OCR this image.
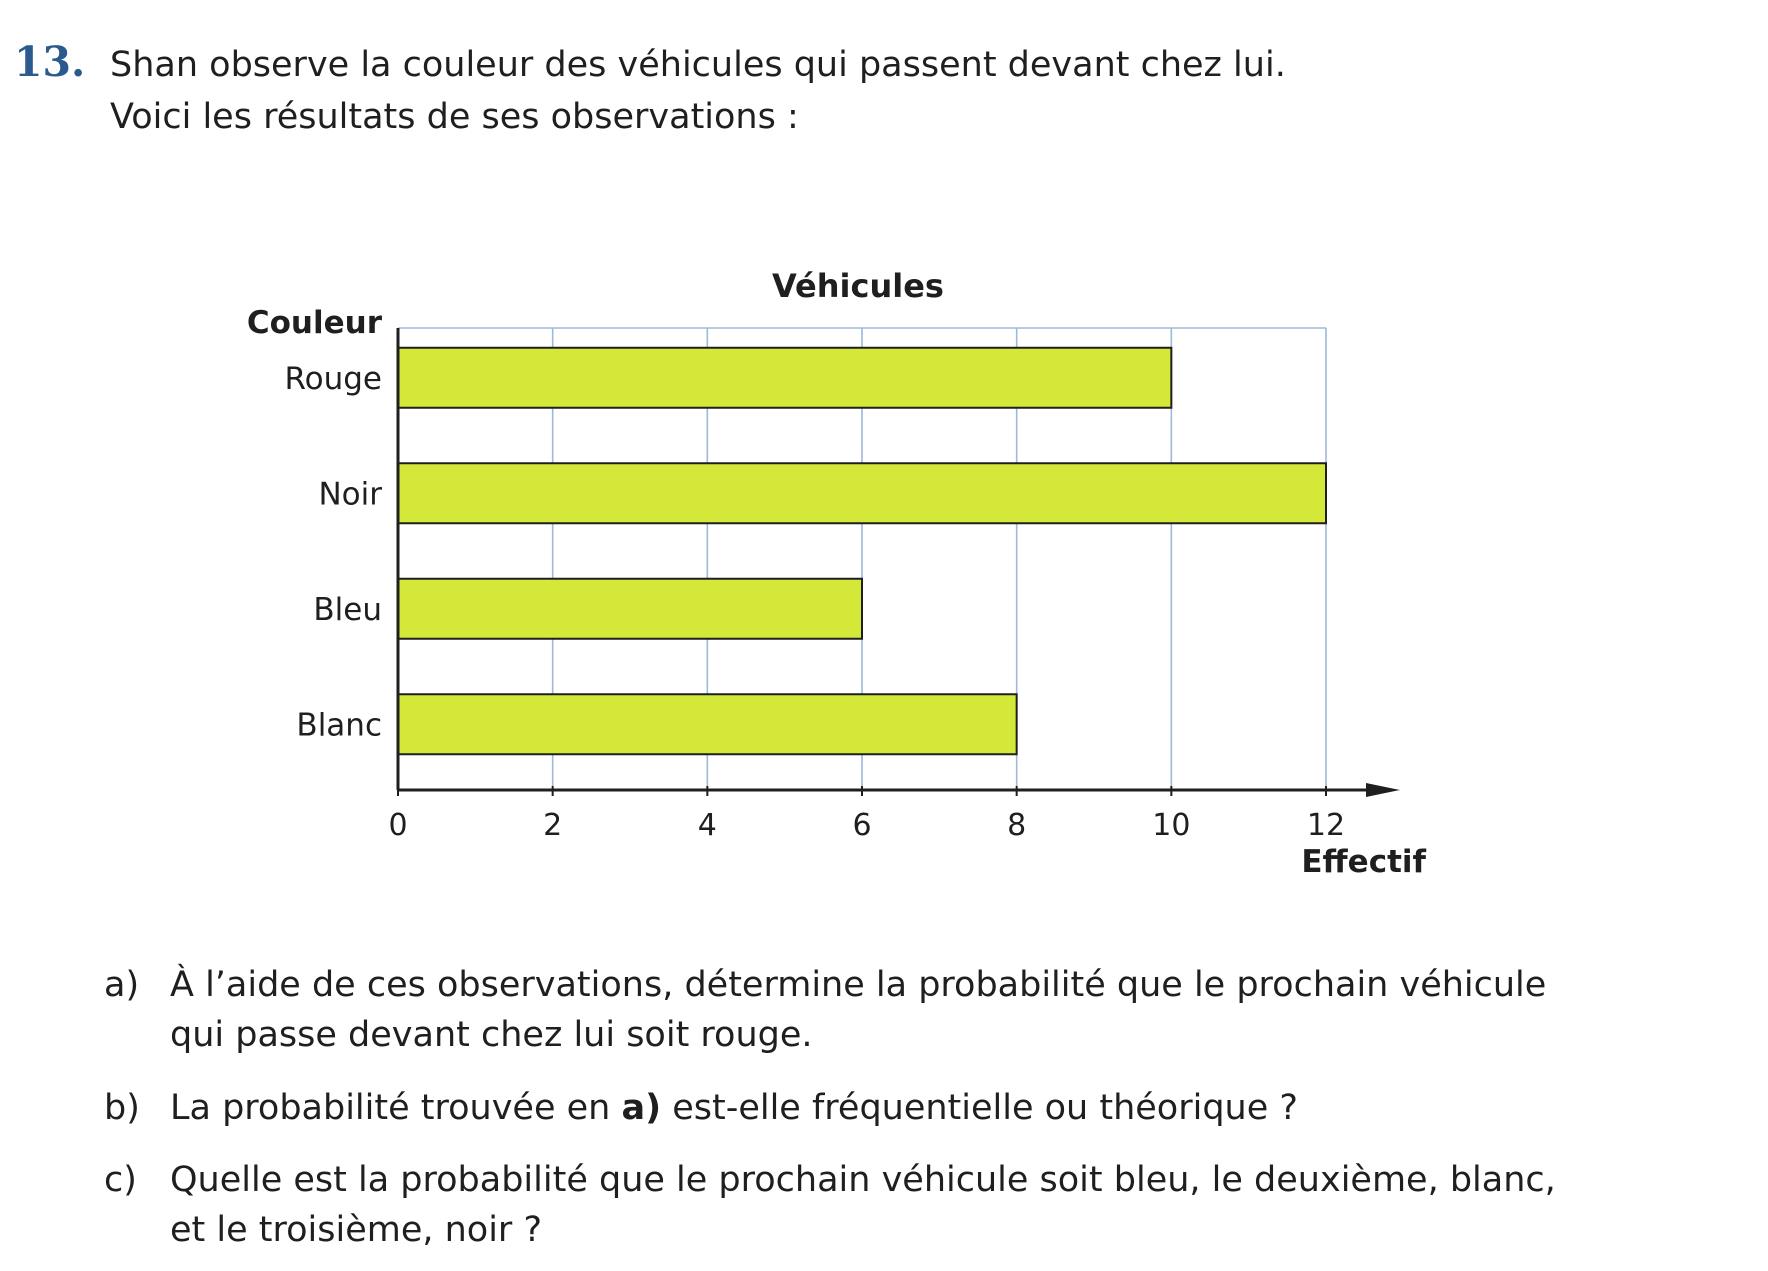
13. Shan observe la couleur des véhicules qui passent devant chez lui.
Voici les résultats de ses observations :
Véhicules
Couleur
Effectif
Rouge
Noir
Bleu
Blanc
0	2	4	6	8	10	12
a) À l’aide de ces observations, détermine la probabilité que le prochain véhicule
qui passe devant chez lui soit rouge.
b) La probabilité trouvée en a) est-elle fréquentielle ou théorique ?
c) Quelle est la probabilité que le prochain véhicule soit bleu, le deuxième, blanc,
et le troisième, noir ?
